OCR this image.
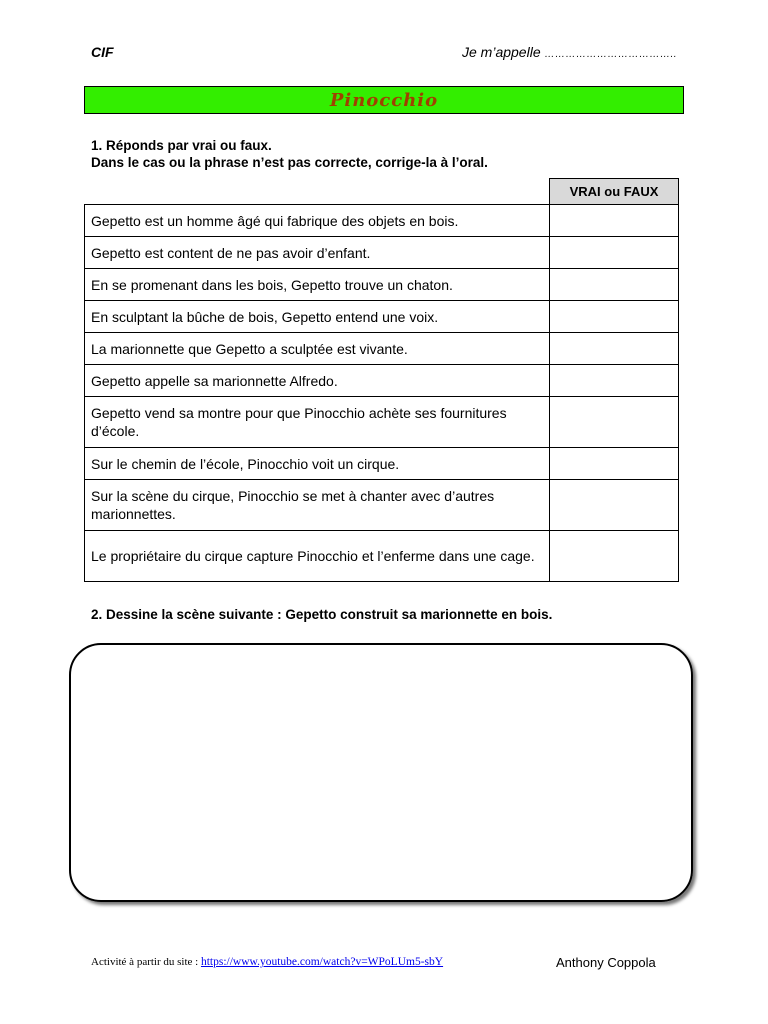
CIF	Je m’appelle ………………………………..
Pinocchio
1. Réponds par vrai ou faux.
Dans le cas ou la phrase n’est pas correcte, corrige-la à l’oral.
	VRAI ou FAUX
Gepetto est un homme âgé qui fabrique des objets en bois.	
Gepetto est content de ne pas avoir d’enfant.	
En se promenant dans les bois, Gepetto trouve un chaton.	
En sculptant la bûche de bois, Gepetto entend une voix.	
La marionnette que Gepetto a sculptée est vivante.	
Gepetto appelle sa marionnette Alfredo.	
Gepetto vend sa montre pour que Pinocchio achète ses fournitures d’école.	
Sur le chemin de l’école, Pinocchio voit un cirque.	
Sur la scène du cirque, Pinocchio se met à chanter avec d’autres marionnettes.	
Le propriétaire du cirque capture Pinocchio et l’enferme dans une cage.	
2. Dessine la scène suivante : Gepetto construit sa marionnette en bois.
Activité à partir du site : https://www.youtube.com/watch?v=WPoLUm5-sbY	Anthony Coppola
